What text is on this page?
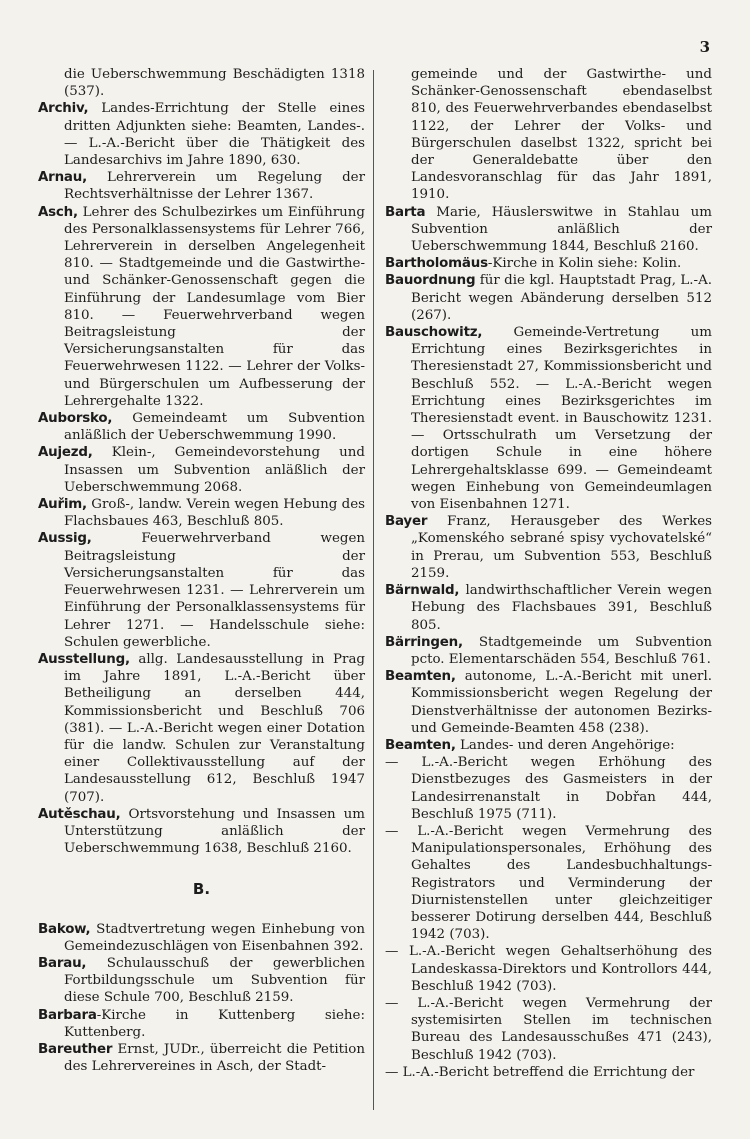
3

die Ueberschwemmung Beschädigten 1318 (537).

Archiv, Landes-Errichtung der Stelle eines dritten Adjunkten siehe: Beamten, Landes-. — L.-A.-Bericht über die Thätigkeit des Landesarchivs im Jahre 1890, 630.

Arnau, Lehrerverein um Regelung der Rechtsverhältnisse der Lehrer 1367.

Asch, Lehrer des Schulbezirkes um Einführung des Personalklassensystems für Lehrer 766, Lehrerverein in derselben Angelegenheit 810. — Stadtgemeinde und die Gastwirthe- und Schänker-Genossenschaft gegen die Einführung der Landesumlage vom Bier 810. — Feuerwehrverband wegen Beitragsleistung der Versicherungsanstalten für das Feuerwehrwesen 1122. — Lehrer der Volks- und Bürgerschulen um Aufbesserung der Lehrergehalte 1322.

Auborsko, Gemeindeamt um Subvention anläßlich der Ueberschwemmung 1990.

Aujezd, Klein-, Gemeindevorstehung und Insassen um Subvention anläßlich der Ueberschwemmung 2068.

Auřim, Groß-, landw. Verein wegen Hebung des Flachsbaues 463, Beschluß 805.

Aussig, Feuerwehrverband wegen Beitragsleistung der Versicherungsanstalten für das Feuerwehrwesen 1231. — Lehrerverein um Einführung der Personalklassensystems für Lehrer 1271. — Handelsschule siehe: Schulen gewerbliche.

Ausstellung, allg. Landesausstellung in Prag im Jahre 1891, L.-A.-Bericht über Betheiligung an derselben 444, Kommissionsbericht und Beschluß 706 (381). — L.-A.-Bericht wegen einer Dotation für die landw. Schulen zur Veranstaltung einer Collektivausstellung auf der Landesausstellung 612, Beschluß 1947 (707).

Autěschau, Ortsvorstehung und Insassen um Unterstützung anläßlich der Ueberschwemmung 1638, Beschluß 2160.

B.

Bakow, Stadtvertretung wegen Einhebung von Gemeindezuschlägen von Eisenbahnen 392.

Barau, Schulausschuß der gewerblichen Fortbildungsschule um Subvention für diese Schule 700, Beschluß 2159.

Barbara-Kirche in Kuttenberg siehe: Kuttenberg.

Bareuther Ernst, JUDr., überreicht die Petition des Lehrervereines in Asch, der Stadt-

gemeinde und der Gastwirthe- und Schänker-Genossenschaft ebendaselbst 810, des Feuerwehrverbandes ebendaselbst 1122, der Lehrer der Volks- und Bürgerschulen daselbst 1322, spricht bei der Generaldebatte über den Landesvoranschlag für das Jahr 1891, 1910.

Barta Marie, Häuslerswitwe in Stahlau um Subvention anläßlich der Ueberschwemmung 1844, Beschluß 2160.

Bartholomäus-Kirche in Kolin siehe: Kolin.

Bauordnung für die kgl. Hauptstadt Prag, L.-A. Bericht wegen Abänderung derselben 512 (267).

Bauschowitz, Gemeinde-Vertretung um Errichtung eines Bezirksgerichtes in Theresienstadt 27, Kommissionsbericht und Beschluß 552. — L.-A.-Bericht wegen Errichtung eines Bezirksgerichtes im Theresienstadt event. in Bauschowitz 1231. — Ortsschulrath um Versetzung der dortigen Schule in eine höhere Lehrergehaltsklasse 699. — Gemeindeamt wegen Einhebung von Gemeindeumlagen von Eisenbahnen 1271.

Bayer Franz, Herausgeber des Werkes „Komenského sebrané spisy vychovatelské“ in Prerau, um Subvention 553, Beschluß 2159.

Bärnwald, landwirthschaftlicher Verein wegen Hebung des Flachsbaues 391, Beschluß 805.

Bärringen, Stadtgemeinde um Subvention pcto. Elementarschäden 554, Beschluß 761.

Beamten, autonome, L.-A.-Bericht mit unerl. Kommissionsbericht wegen Regelung der Dienstverhältnisse der autonomen Bezirks- und Gemeinde-Beamten 458 (238).

Beamten, Landes- und deren Angehörige:

— L.-A.-Bericht wegen Erhöhung des Dienstbezuges des Gasmeisters in der Landesirrenanstalt in Dobřan 444, Beschluß 1975 (711).

— L.-A.-Bericht wegen Vermehrung des Manipulationspersonales, Erhöhung des Gehaltes des Landesbuchhaltungs-Registrators und Verminderung der Diurnistenstellen unter gleichzeitiger besserer Dotirung derselben 444, Beschluß 1942 (703).

— L.-A.-Bericht wegen Gehaltserhöhung des Landeskassa-Direktors und Kontrollors 444, Beschluß 1942 (703).

— L.-A.-Bericht wegen Vermehrung der systemisirten Stellen im technischen Bureau des Landesausschußes 471 (243), Beschluß 1942 (703).

— L.-A.-Bericht betreffend die Errichtung der
